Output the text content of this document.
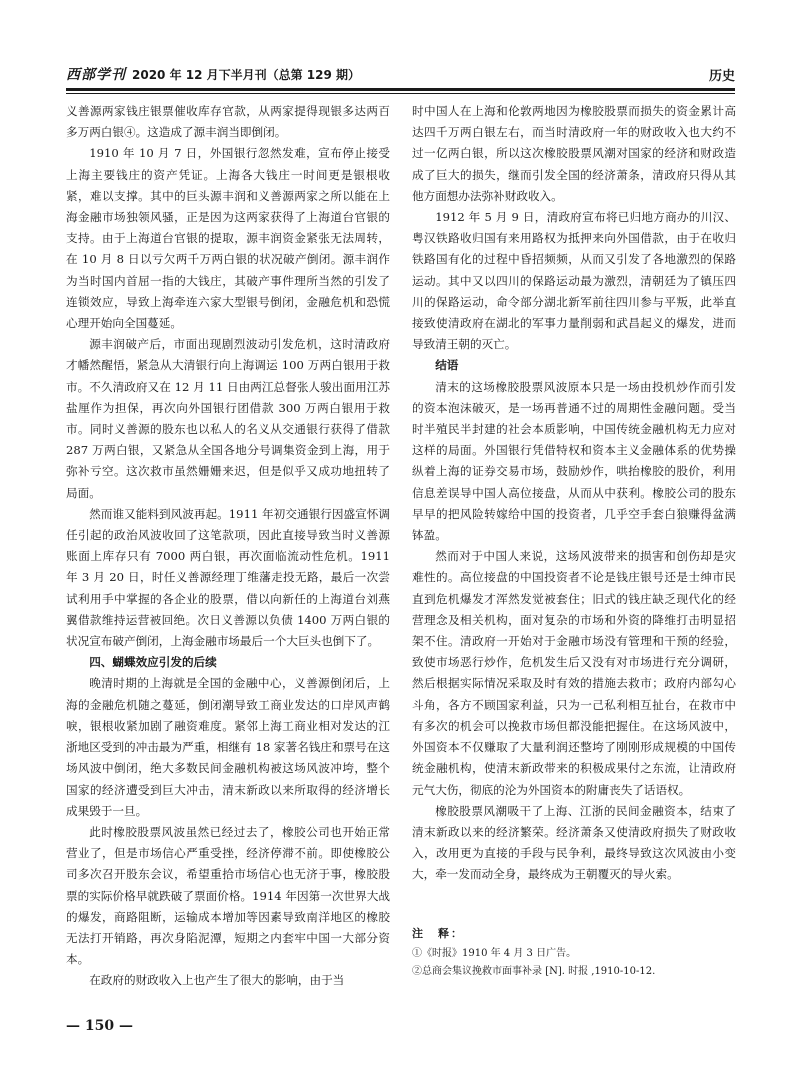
西部学刊 2020 年 12 月下半月刊（总第 129 期）	历史

义善源两家钱庄银票催收库存官款，从两家提得现银多达两百多万两白银④。这造成了源丰润当即倒闭。

1910 年 10 月 7 日，外国银行忽然发难，宣布停止接受上海主要钱庄的资产凭证。上海各大钱庄一时间更是银根收紧，难以支撑。其中的巨头源丰润和义善源两家之所以能在上海金融市场独领风骚，正是因为这两家获得了上海道台官银的支持。由于上海道台官银的提取，源丰润资金紧张无法周转，在 10 月 8 日以亏欠两千万两白银的状况破产倒闭。源丰润作为当时国内首屈一指的大钱庄，其破产事件理所当然的引发了连锁效应，导致上海牵连六家大型银号倒闭，金融危机和恐慌心理开始向全国蔓延。

源丰润破产后，市面出现剧烈波动引发危机，这时清政府才幡然醒悟，紧急从大清银行向上海调运 100 万两白银用于救市。不久清政府又在 12 月 11 日由两江总督张人骏出面用江苏盐厘作为担保，再次向外国银行团借款 300 万两白银用于救市。同时义善源的股东也以私人的名义从交通银行获得了借款 287 万两白银，又紧急从全国各地分号调集资金到上海，用于弥补亏空。这次救市虽然姗姗来迟，但是似乎又成功地扭转了局面。

然而谁又能料到风波再起。1911 年初交通银行因盛宣怀调任引起的政治风波收回了这笔款项，因此直接导致当时义善源账面上库存只有 7000 两白银，再次面临流动性危机。1911 年 3 月 20 日，时任义善源经理丁维藩走投无路，最后一次尝试利用手中掌握的各企业的股票，借以向新任的上海道台刘燕翼借款维持运营被回绝。次日义善源以负债 1400 万两白银的状况宣布破产倒闭，上海金融市场最后一个大巨头也倒下了。

四、蝴蝶效应引发的后续

晚清时期的上海就是全国的金融中心，义善源倒闭后，上海的金融危机随之蔓延，倒闭潮导致工商业发达的口岸风声鹤唳，银根收紧加剧了融资难度。紧邻上海工商业相对发达的江浙地区受到的冲击最为严重，相继有 18 家著名钱庄和票号在这场风波中倒闭，绝大多数民间金融机构被这场风波冲垮，整个国家的经济遭受到巨大冲击，清末新政以来所取得的经济增长成果毁于一旦。

此时橡胶股票风波虽然已经过去了，橡胶公司也开始正常营业了，但是市场信心严重受挫，经济停滞不前。即使橡胶公司多次召开股东会议，希望重拾市场信心也无济于事，橡胶股票的实际价格早就跌破了票面价格。1914 年因第一次世界大战的爆发，商路阻断，运输成本增加等因素导致南洋地区的橡胶无法打开销路，再次身陷泥潭，短期之内套牢中国一大部分资本。

在政府的财政收入上也产生了很大的影响，由于当

时中国人在上海和伦敦两地因为橡胶股票而损失的资金累计高达四千万两白银左右，而当时清政府一年的财政收入也大约不过一亿两白银，所以这次橡胶股票风潮对国家的经济和财政造成了巨大的损失，继而引发全国的经济萧条，清政府只得从其他方面想办法弥补财政收入。

1912 年 5 月 9 日，清政府宣布将已归地方商办的川汉、粤汉铁路收归国有来用路权为抵押来向外国借款，由于在收归铁路国有化的过程中昏招频频，从而又引发了各地激烈的保路运动。其中又以四川的保路运动最为激烈，清朝廷为了镇压四川的保路运动，命令部分湖北新军前往四川参与平叛，此举直接致使清政府在湖北的军事力量削弱和武昌起义的爆发，进而导致清王朝的灭亡。

结语

清末的这场橡胶股票风波原本只是一场由投机炒作而引发的资本泡沫破灭，是一场再普通不过的周期性金融问题。受当时半殖民半封建的社会本质影响，中国传统金融机构无力应对这样的局面。外国银行凭借特权和资本主义金融体系的优势操纵着上海的证券交易市场，鼓励炒作，哄抬橡胶的股价，利用信息差误导中国人高位接盘，从而从中获利。橡胶公司的股东早早的把风险转嫁给中国的投资者，几乎空手套白狼赚得盆满钵盈。

然而对于中国人来说，这场风波带来的损害和创伤却是灾难性的。高位接盘的中国投资者不论是钱庄银号还是士绅市民直到危机爆发才浑然发觉被套住；旧式的钱庄缺乏现代化的经营理念及相关机构，面对复杂的市场和外资的降维打击明显招架不住。清政府一开始对于金融市场没有管理和干预的经验，致使市场恶行炒作，危机发生后又没有对市场进行充分调研，然后根据实际情况采取及时有效的措施去救市；政府内部勾心斗角，各方不顾国家利益，只为一己私利相互扯台，在救市中有多次的机会可以挽救市场但都没能把握住。在这场风波中，外国资本不仅赚取了大量利润还整垮了刚刚形成规模的中国传统金融机构，使清末新政带来的积极成果付之东流，让清政府元气大伤，彻底的沦为外国资本的附庸丧失了话语权。

橡胶股票风潮吸干了上海、江浙的民间金融资本，结束了清末新政以来的经济繁荣。经济萧条又使清政府损失了财政收入，改用更为直接的手段与民争利，最终导致这次风波由小变大，牵一发而动全身，最终成为王朝覆灭的导火索。

注　释：
①《时报》1910 年 4 月 3 日广告。
②总商会集议挽救市面事补录 [N]. 时报 ,1910-10-12.
— 150 —
